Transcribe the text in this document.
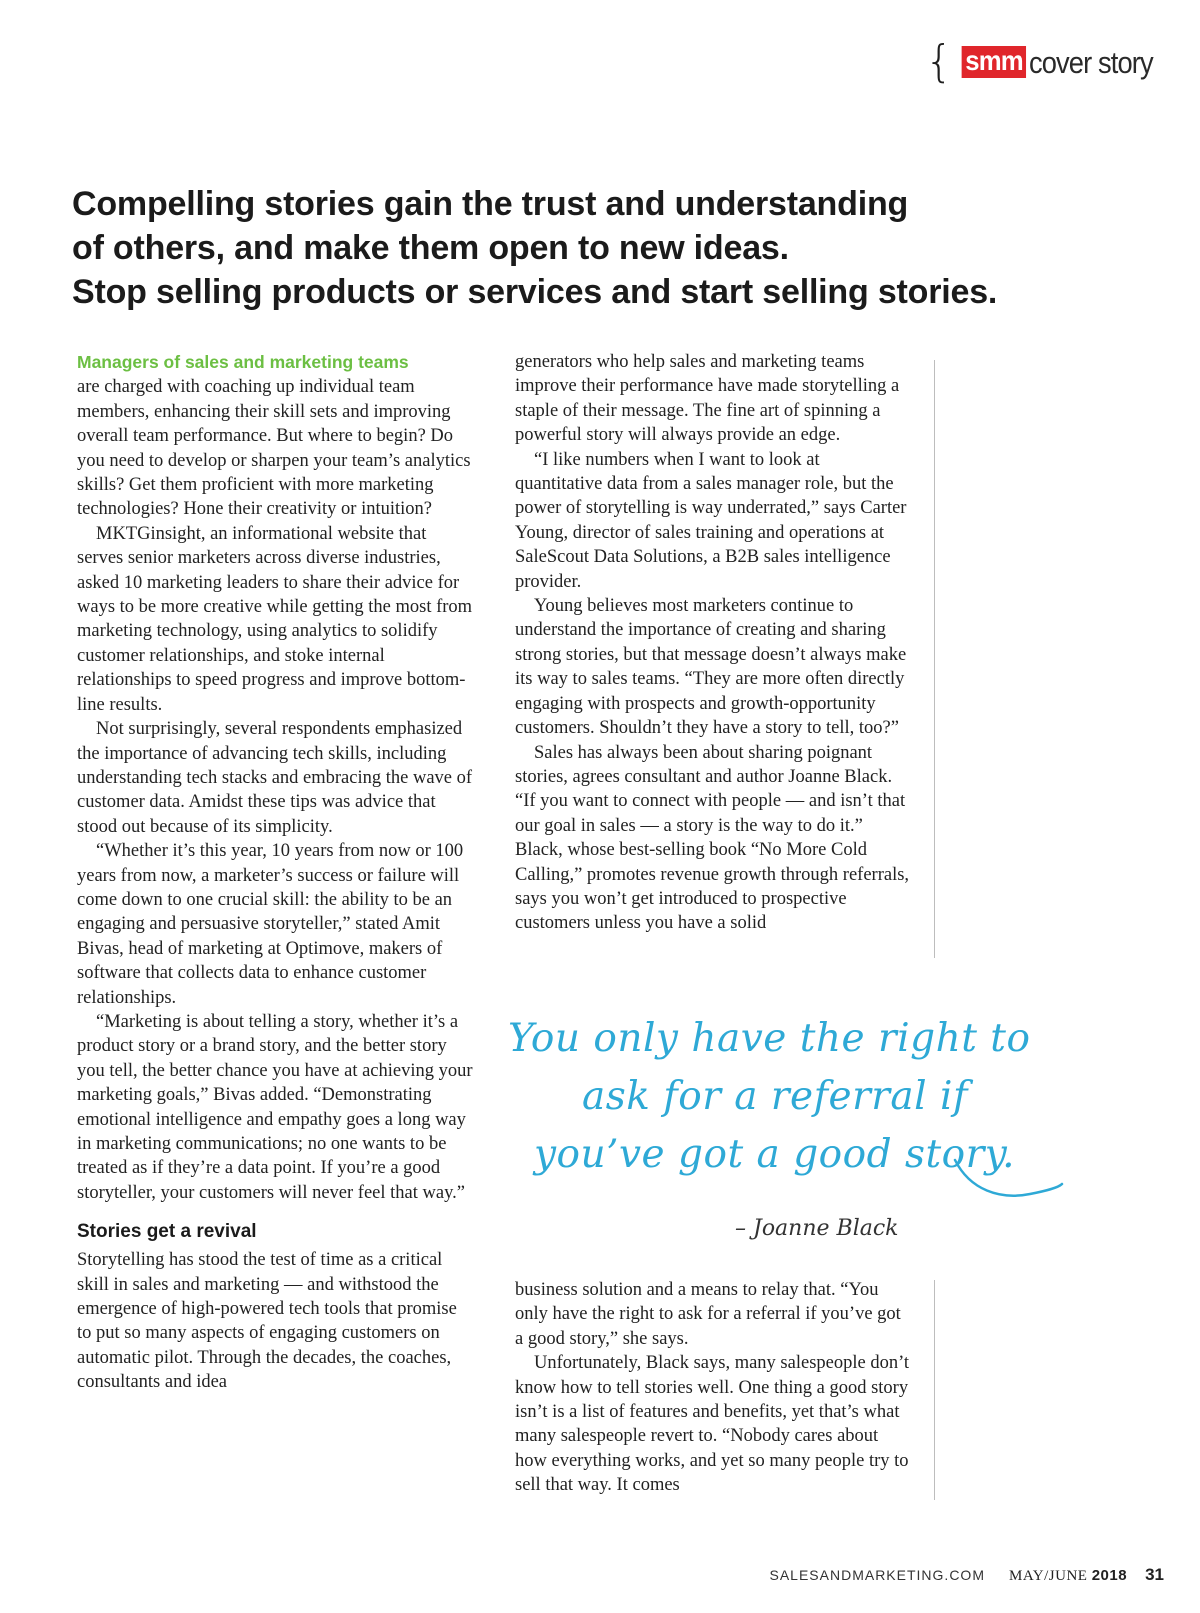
{ smm cover story
Compelling stories gain the trust and understanding
of others, and make them open to new ideas.
Stop selling products or services and start selling stories.

Managers of sales and marketing teams
are charged with coaching up individual team members, enhancing their skill sets and improving overall team performance. But where to begin? Do you need to develop or sharpen your team’s analytics skills? Get them proficient with more marketing technologies? Hone their creativity or intuition?

MKTGinsight, an informational website that serves senior marketers across diverse industries, asked 10 marketing leaders to share their advice for ways to be more creative while getting the most from marketing technology, using analytics to solidify customer relationships, and stoke internal relationships to speed progress and improve bottom-line results.

Not surprisingly, several respondents emphasized the importance of advancing tech skills, including understanding tech stacks and embracing the wave of customer data. Amidst these tips was advice that stood out because of its simplicity.

“Whether it’s this year, 10 years from now or 100 years from now, a marketer’s success or failure will come down to one crucial skill: the ability to be an engaging and persuasive storyteller,” stated Amit Bivas, head of marketing at Optimove, makers of software that collects data to enhance customer relationships.

“Marketing is about telling a story, whether it’s a product story or a brand story, and the better story you tell, the better chance you have at achieving your marketing goals,” Bivas added. “Demonstrating emotional intelligence and empathy goes a long way in marketing communications; no one wants to be treated as if they’re a data point. If you’re a good storyteller, your customers will never feel that way.”

Stories get a revival

Storytelling has stood the test of time as a critical skill in sales and marketing — and withstood the emergence of high-powered tech tools that promise to put so many aspects of engaging customers on automatic pilot. Through the decades, the coaches, consultants and idea

generators who help sales and marketing teams improve their performance have made storytelling a staple of their message. The fine art of spinning a powerful story will always provide an edge.

“I like numbers when I want to look at quantitative data from a sales manager role, but the power of storytelling is way underrated,” says Carter Young, director of sales training and operations at SaleScout Data Solutions, a B2B sales intelligence provider.

Young believes most marketers continue to understand the importance of creating and sharing strong stories, but that message doesn’t always make its way to sales teams. “They are more often directly engaging with prospects and growth-opportunity customers. Shouldn’t they have a story to tell, too?”

Sales has always been about sharing poignant stories, agrees consultant and author Joanne Black. “If you want to connect with people — and isn’t that our goal in sales — a story is the way to do it.” Black, whose best-selling book “No More Cold Calling,” promotes revenue growth through referrals, says you won’t get introduced to prospective customers unless you have a solid

You only have the right to
ask for a referral if
you’ve got a good story.
– Joanne Black

business solution and a means to relay that. “You only have the right to ask for a referral if you’ve got a good story,” she says.

Unfortunately, Black says, many salespeople don’t know how to tell stories well. One thing a good story isn’t is a list of features and benefits, yet that’s what many salespeople revert to. “Nobody cares about how everything works, and yet so many people try to sell that way. It comes

SALESANDMARKETING.COM MAY/JUNE 2018 31
